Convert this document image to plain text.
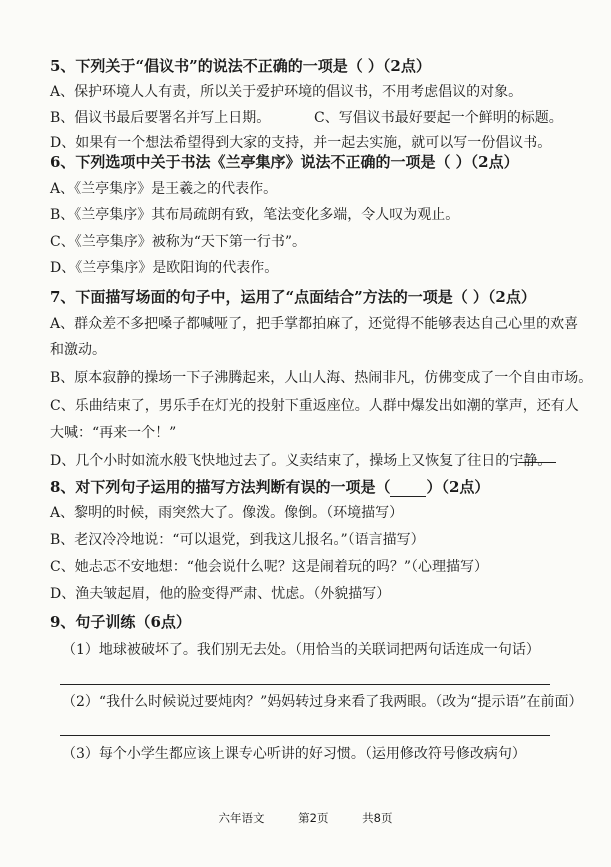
5、下列关于“倡议书”的说法不正确的一项是（ ）（2点）
A、保护环境人人有责，所以关于爱护环境的倡议书，不用考虑倡议的对象。
B、倡议书最后要署名并写上日期。	C、写倡议书最好要起一个鲜明的标题。
D、如果有一个想法希望得到大家的支持，并一起去实施，就可以写一份倡议书。
6、下列选项中关于书法《兰亭集序》说法不正确的一项是（ ）（2点）
A、《兰亭集序》是王羲之的代表作。
B、《兰亭集序》其布局疏朗有致，笔法变化多端，令人叹为观止。
C、《兰亭集序》被称为“天下第一行书”。
D、《兰亭集序》是欧阳询的代表作。
7、下面描写场面的句子中，运用了“点面结合”方法的一项是（ ）（2点）
A、群众差不多把嗓子都喊哑了，把手掌都拍麻了，还觉得不能够表达自己心里的欢喜
和激动。
B、原本寂静的操场一下子沸腾起来，人山人海、热闹非凡，仿佛变成了一个自由市场。
C、乐曲结束了，男乐手在灯光的投射下重返座位。人群中爆发出如潮的掌声，还有人
大喊：“再来一个！”
D、几个小时如流水般飞快地过去了。义卖结束了，操场上又恢复了往日的宁静。
8、对下列句子运用的描写方法判断有误的一项是（ ）（2点）
A、黎明的时候，雨突然大了。像泼。像倒。（环境描写）
B、老汉冷冷地说：“可以退党，到我这儿报名。”（语言描写）
C、她忐忑不安地想：“他会说什么呢？这是闹着玩的吗？”（心理描写）
D、渔夫皱起眉，他的脸变得严肃、忧虑。（外貌描写）
9、句子训练（6点）
（1）地球被破坏了。我们别无去处。（用恰当的关联词把两句话连成一句话）
（2）“我什么时候说过要炖肉？”妈妈转过身来看了我两眼。（改为“提示语”在前面）
（3）每个小学生都应该上课专心听讲的好习惯。（运用修改符号修改病句）
六年语文	第2页	共8页
